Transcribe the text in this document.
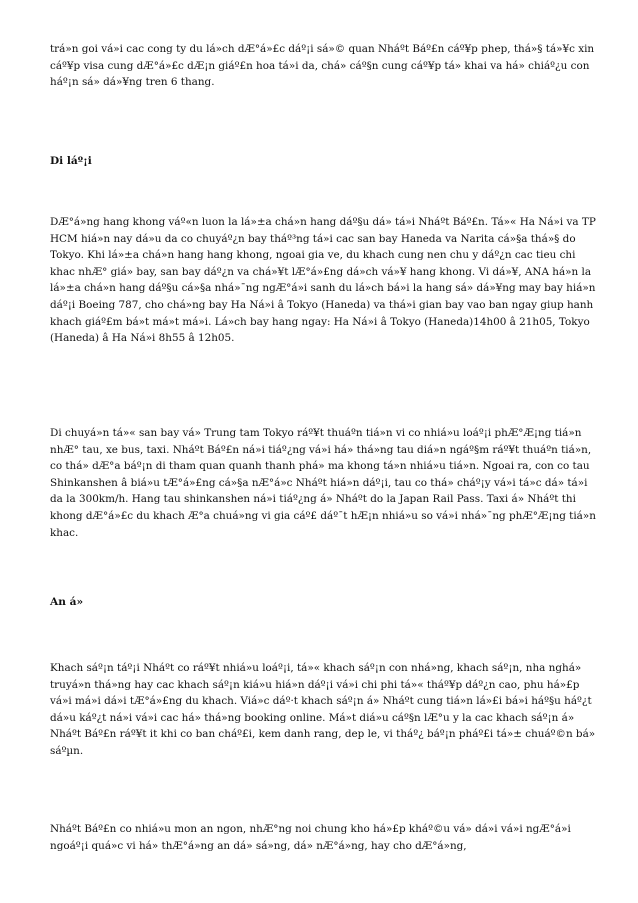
trá»n goi vá»i cac cong ty du lá»ch dÆ°á»£c dáº¡i sá»© quan Nháºt Báº£n cáº¥p phep, thá»§ tá»¥c xin cáº¥p visa cung dÆ°á»£c dÆ¡n giáº£n hoa tá»i da, chá» cáº§n cung cáº¥p tá» khai va há» chiáº¿u con háº¡n sá» dá»¥ng tren 6 thang.

Di láº¡i

DÆ°á»ng hang khong váº«n luon la lá»±a chá»n hang dáº§u dá» tá»i Nháºt Báº£n. Tá»« Ha Ná»i va TP HCM hiá»n nay dá»u da co chuyáº¿n bay tháº³ng tá»i cac san bay Haneda va Narita cá»§a thá»§ do Tokyo. Khi lá»±a chá»n hang hang khong, ngoai gia ve, du khach cung nen chu y dáº¿n cac tieu chi khac nhÆ° giá» bay, san bay dáº¿n va chá»¥t lÆ°á»£ng dá»ch vá»¥ hang khong. Vi dá»¥, ANA há»n la lá»±a chá»n hang dáº§u cá»§a nhá»¯ng ngÆ°á»i sanh du lá»ch bá»i la hang sá» dá»¥ng may bay hiá»n dáº¡i Boeing 787, cho chá»ng bay Ha Ná»i â Tokyo (Haneda) va thá»i gian bay vao ban ngay giup hanh khach giáº£m bá»t má»t má»i. Lá»ch bay hang ngay: Ha Ná»i â Tokyo (Haneda)14h00 â 21h05, Tokyo (Haneda) â Ha Ná»i 8h55 â 12h05.

Di chuyá»n tá»« san bay vá» Trung tam Tokyo ráº¥t thuáºn tiá»n vi co nhiá»u loáº¡i phÆ°Æ¡ng tiá»n nhÆ° tau, xe bus, taxi. Nháºt Báº£n ná»i tiáº¿ng vá»i há» thá»ng tau diá»n ngáº§m ráº¥t thuáºn tiá»n, co thá» dÆ°a báº¡n di tham quan quanh thanh phá» ma khong tá»n nhiá»u tiá»n. Ngoai ra, con co tau Shinkanshen â biá»u tÆ°á»£ng cá»§a nÆ°á»c Nháºt hiá»n dáº¡i, tau co thá» cháº¡y vá»i tá»c dá» tá»i da la 300km/h. Hang tau shinkanshen ná»i tiáº¿ng á» Nháºt do la Japan Rail Pass. Taxi á» Nháºt thi khong dÆ°á»£c du khach Æ°a chuá»ng vi gia cáº£ dáº¯t hÆ¡n nhiá»u so vá»i nhá»¯ng phÆ°Æ¡ng tiá»n khac.

An á»

Khach sáº¡n táº¡i Nháºt co ráº¥t nhiá»u loáº¡i, tá»« khach sáº¡n con nhá»ng, khach sáº¡n, nha nghá» truyá»n thá»ng hay cac khach sáº¡n kiá»u hiá»n dáº¡i vá»i chi phi tá»« tháº¥p dáº¿n cao, phu há»£p vá»i má»i dá»i tÆ°á»£ng du khach. Viá»c dáº·t khach sáº¡n á» Nháºt cung tiá»n lá»£i bá»i háº§u háº¿t dá»u káº¿t ná»i vá»i cac há» thá»ng booking online. Má»t diá»u cáº§n lÆ°u y la cac khach sáº¡n á» Nháºt Báº£n ráº¥t it khi co ban cháº£i, kem danh rang, dep le, vi tháº¿ báº¡n pháº£i tá»± chuáº©n bá» sáºµn.

Nháºt Báº£n co nhiá»u mon an ngon, nhÆ°ng noi chung kho há»£p kháº©u vá» dá»i vá»i ngÆ°á»i ngoáº¡i quá»c vi há» thÆ°á»ng an dá» sá»ng, dá» nÆ°á»ng, hay cho dÆ°á»ng,
